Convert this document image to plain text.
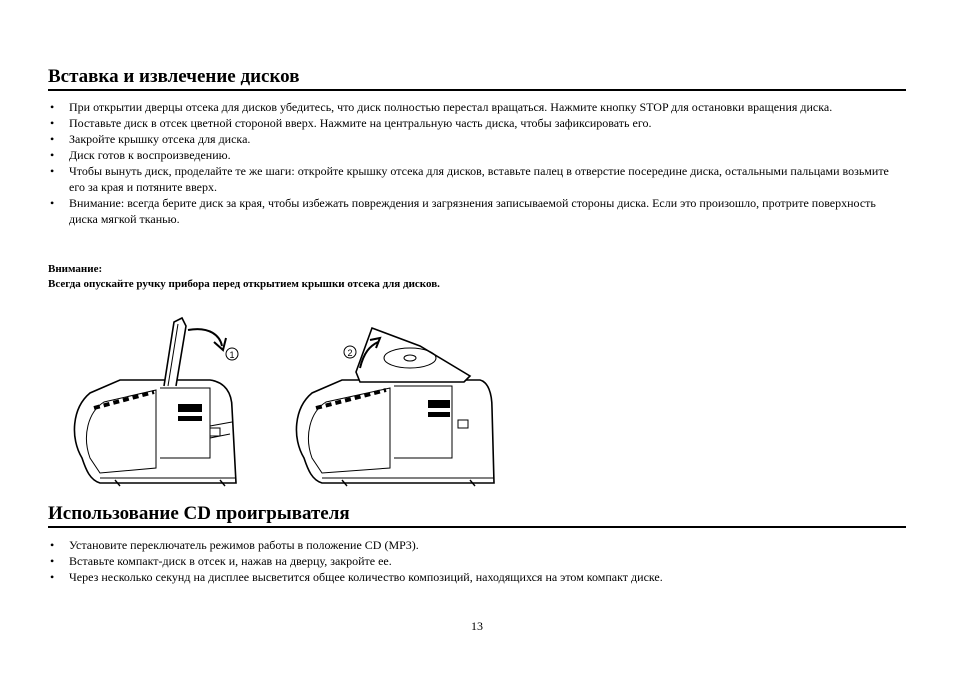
Вставка и извлечение дисков
• При открытии дверцы отсека для дисков убедитесь, что диск полностью перестал вращаться. Нажмите кнопку STOP для остановки вращения диска.
• Поставьте диск в отсек цветной стороной вверх. Нажмите на центральную часть диска, чтобы зафиксировать его.
• Закройте крышку отсека для диска.
• Диск готов к воспроизведению.
• Чтобы вынуть диск, проделайте те же шаги: откройте крышку отсека для дисков, вставьте палец в отверстие посередине диска, остальными пальцами возьмите его за края и потяните вверх.
• Внимание: всегда берите диск за края, чтобы избежать повреждения и загрязнения записываемой стороны диска. Если это произошло, протрите поверхность диска мягкой тканью.
Внимание:
Всегда опускайте ручку прибора перед открытием крышки отсека для дисков.
1	2
Использование CD проигрывателя
• Установите переключатель режимов работы в положение CD (MP3).
• Вставьте компакт-диск в отсек и, нажав на дверцу, закройте ее.
• Через несколько секунд на дисплее высветится общее количество композиций, находящихся на этом компакт диске.
13
